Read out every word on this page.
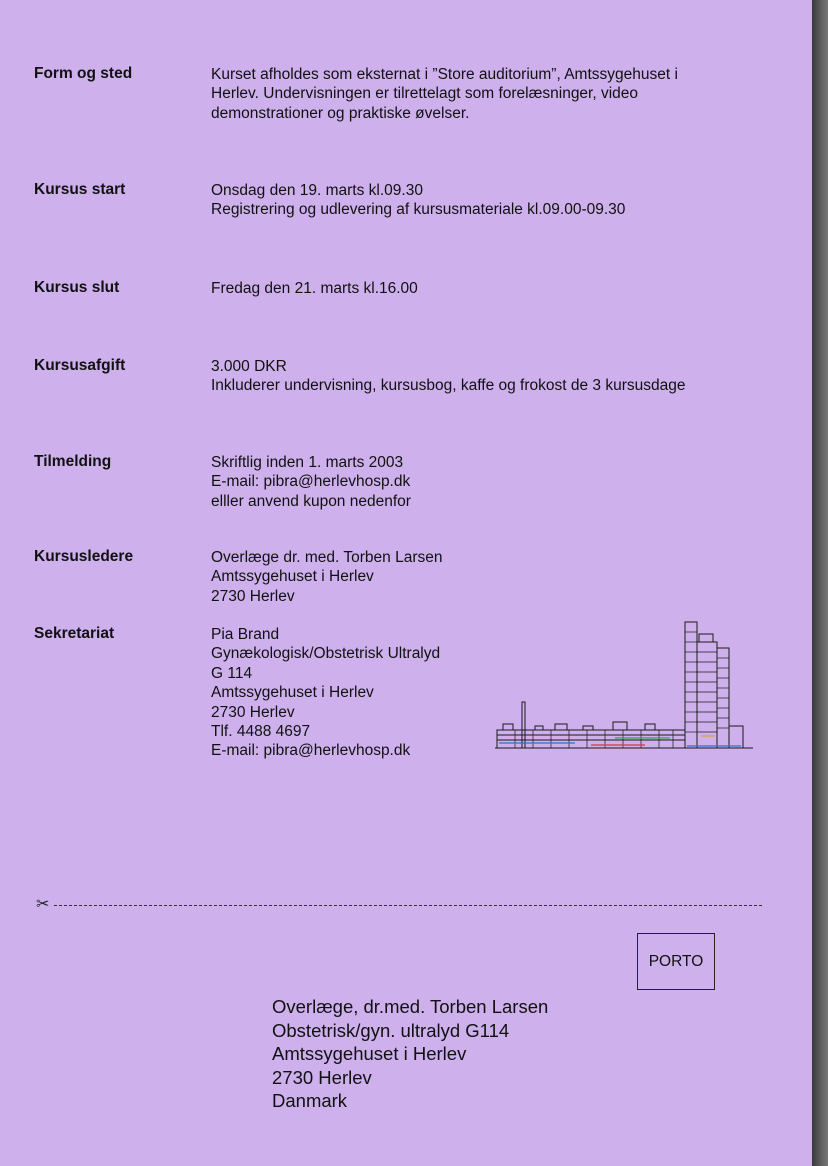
Form og sted	Kurset afholdes som eksternat i ”Store auditorium”, Amtssygehuset i
Herlev. Undervisningen er tilrettelagt som forelæsninger, video
demonstrationer og praktiske øvelser.
Kursus start	Onsdag den 19. marts kl.09.30
Registrering og udlevering af kursusmateriale kl.09.00-09.30
Kursus slut	Fredag den 21. marts kl.16.00
Kursusafgift	3.000 DKR
Inkluderer undervisning, kursusbog, kaffe og frokost de 3 kursusdage
Tilmelding	Skriftlig inden 1. marts 2003
E-mail: pibra@herlevhosp.dk
elller anvend kupon nedenfor
Kursusledere	Overlæge dr. med. Torben Larsen
Amtssygehuset i Herlev
2730 Herlev
Sekretariat	Pia Brand
Gynækologisk/Obstetrisk Ultralyd
G 114
Amtssygehuset i Herlev
2730 Herlev
Tlf. 4488 4697
E-mail: pibra@herlevhosp.dk
✂
PORTO
Overlæge, dr.med. Torben Larsen
Obstetrisk/gyn. ultralyd G114
Amtssygehuset i Herlev
2730 Herlev
Danmark
